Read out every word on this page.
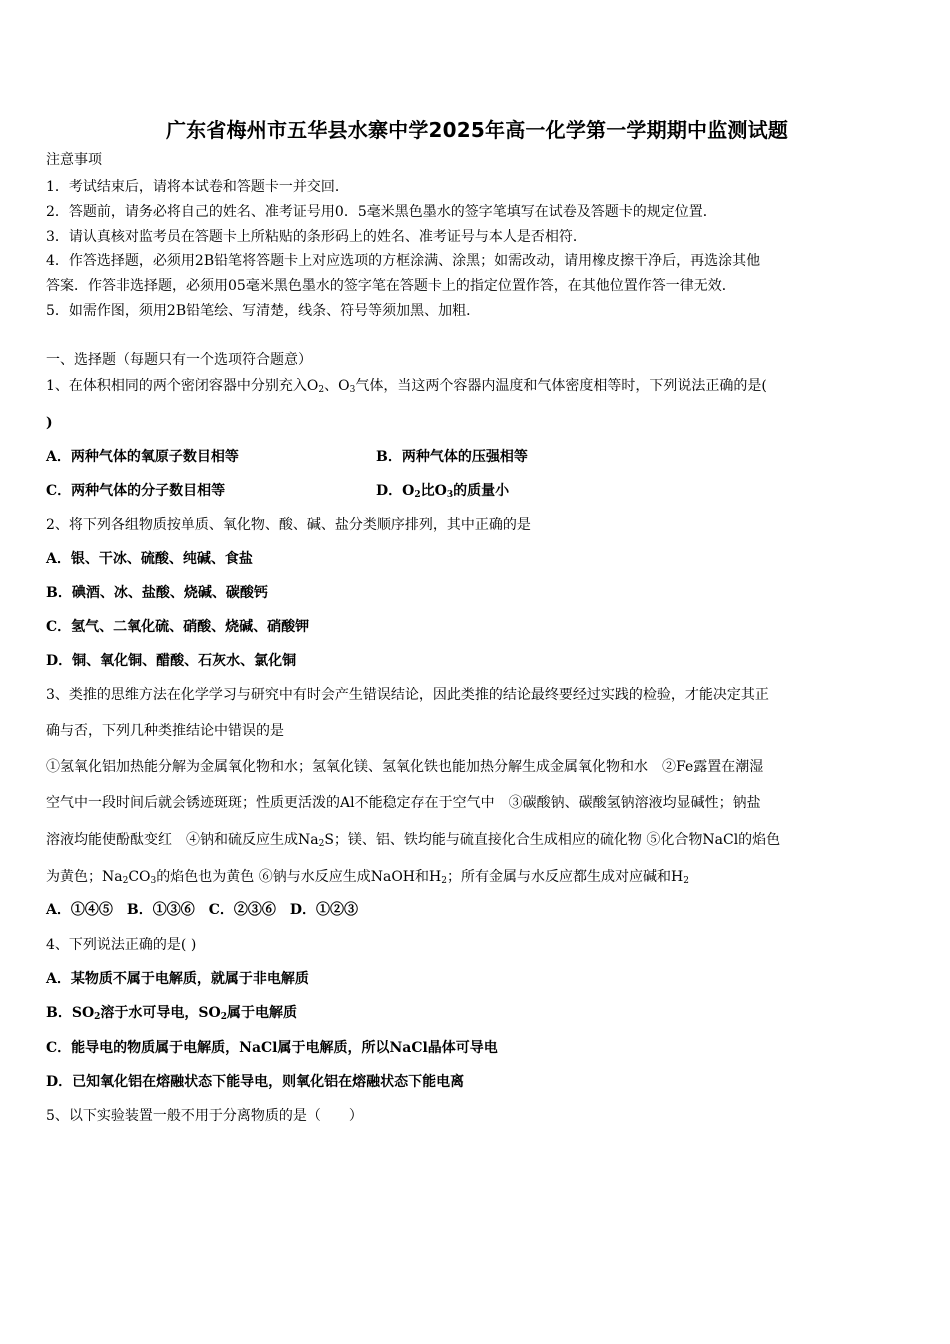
广东省梅州市五华县水寨中学2025年高一化学第一学期期中监测试题
注意事项
1．考试结束后，请将本试卷和答题卡一并交回．
2．答题前，请务必将自己的姓名、准考证号用0．5毫米黑色墨水的签字笔填写在试卷及答题卡的规定位置．
3．请认真核对监考员在答题卡上所粘贴的条形码上的姓名、准考证号与本人是否相符．
4．作答选择题，必须用2B铅笔将答题卡上对应选项的方框涂满、涂黑；如需改动，请用橡皮擦干净后，再选涂其他
答案．作答非选择题，必须用05毫米黑色墨水的签字笔在答题卡上的指定位置作答，在其他位置作答一律无效．
5．如需作图，须用2B铅笔绘、写清楚，线条、符号等须加黑、加粗．
一、选择题（每题只有一个选项符合题意）
1、在体积相同的两个密闭容器中分别充入$O_2$、$O_3$气体，当这两个容器内温度和气体密度相等时，下列说法正确的是(
)
A．两种气体的氧原子数目相等	B．两种气体的压强相等
C．两种气体的分子数目相等	D．$O_2$比$O_3$的质量小
2、将下列各组物质按单质、氧化物、酸、碱、盐分类顺序排列，其中正确的是
A．银、干冰、硫酸、纯碱、食盐
B．碘酒、冰、盐酸、烧碱、碳酸钙
C．氢气、二氧化硫、硝酸、烧碱、硝酸钾
D．铜、氧化铜、醋酸、石灰水、氯化铜
3、类推的思维方法在化学学习与研究中有时会产生错误结论，因此类推的结论最终要经过实践的检验，才能决定其正
确与否，下列几种类推结论中错误的是
①氢氧化铝加热能分解为金属氧化物和水；氢氧化镁、氢氧化铁也能加热分解生成金属氧化物和水　②Fe露置在潮湿
空气中一段时间后就会锈迹斑斑；性质更活泼的Al不能稳定存在于空气中　③碳酸钠、碳酸氢钠溶液均显碱性；钠盐
溶液均能使酚酞变红　④钠和硫反应生成$Na_2S$；镁、铝、铁均能与硫直接化合生成相应的硫化物 ⑤化合物NaCl的焰色
为黄色；$Na_2CO_3$的焰色也为黄色 ⑥钠与水反应生成NaOH和$H_2$；所有金属与水反应都生成对应碱和$H_2$
A．①④⑤　B．①③⑥　C．②③⑥　D．①②③
4、下列说法正确的是( )
A．某物质不属于电解质，就属于非电解质
B．$SO_2$溶于水可导电，$SO_2$属于电解质
C．能导电的物质属于电解质，NaCl属于电解质，所以NaCl晶体可导电
D．已知氧化铝在熔融状态下能导电，则氧化铝在熔融状态下能电离
5、以下实验装置一般不用于分离物质的是（　　）
